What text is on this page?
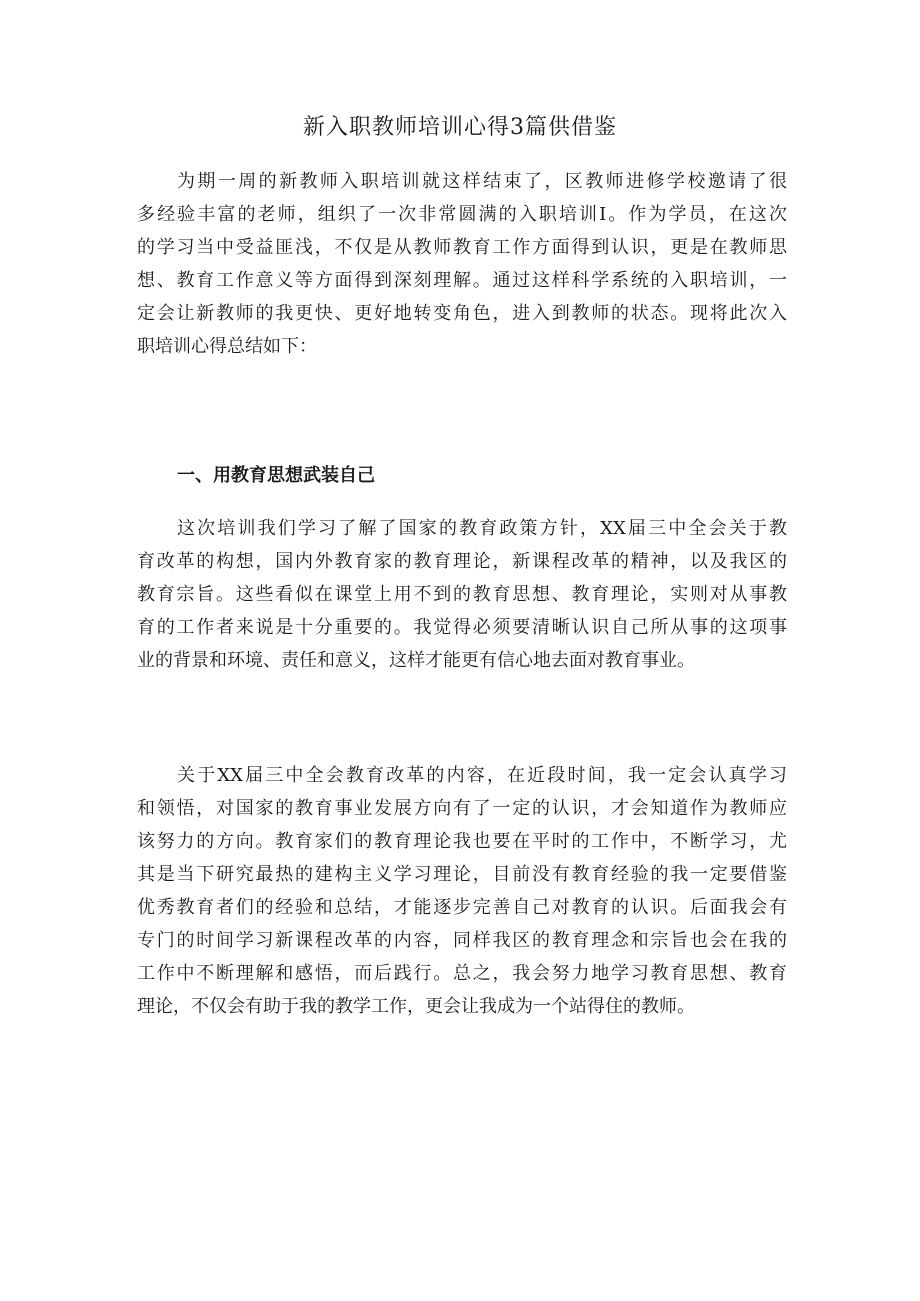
新入职教师培训心得3篇供借鉴
为期一周的新教师入职培训就这样结束了，区教师进修学校邀请了很
多经验丰富的老师，组织了一次非常圆满的入职培训I。作为学员，在这次
的学习当中受益匪浅，不仅是从教师教育工作方面得到认识，更是在教师思
想、教育工作意义等方面得到深刻理解。通过这样科学系统的入职培训，一
定会让新教师的我更快、更好地转变角色，进入到教师的状态。现将此次入
职培训心得总结如下：
一、用教育思想武装自己
这次培训我们学习了解了国家的教育政策方针，XX届三中全会关于教
育改革的构想，国内外教育家的教育理论，新课程改革的精神，以及我区的
教育宗旨。这些看似在课堂上用不到的教育思想、教育理论，实则对从事教
育的工作者来说是十分重要的。我觉得必须要清晰认识自己所从事的这项事
业的背景和环境、责任和意义，这样才能更有信心地去面对教育事业。
关于XX届三中全会教育改革的内容，在近段时间，我一定会认真学习
和领悟，对国家的教育事业发展方向有了一定的认识，才会知道作为教师应
该努力的方向。教育家们的教育理论我也要在平时的工作中，不断学习，尤
其是当下研究最热的建构主义学习理论，目前没有教育经验的我一定要借鉴
优秀教育者们的经验和总结，才能逐步完善自己对教育的认识。后面我会有
专门的时间学习新课程改革的内容，同样我区的教育理念和宗旨也会在我的
工作中不断理解和感悟，而后践行。总之，我会努力地学习教育思想、教育
理论，不仅会有助于我的教学工作，更会让我成为一个站得住的教师。
